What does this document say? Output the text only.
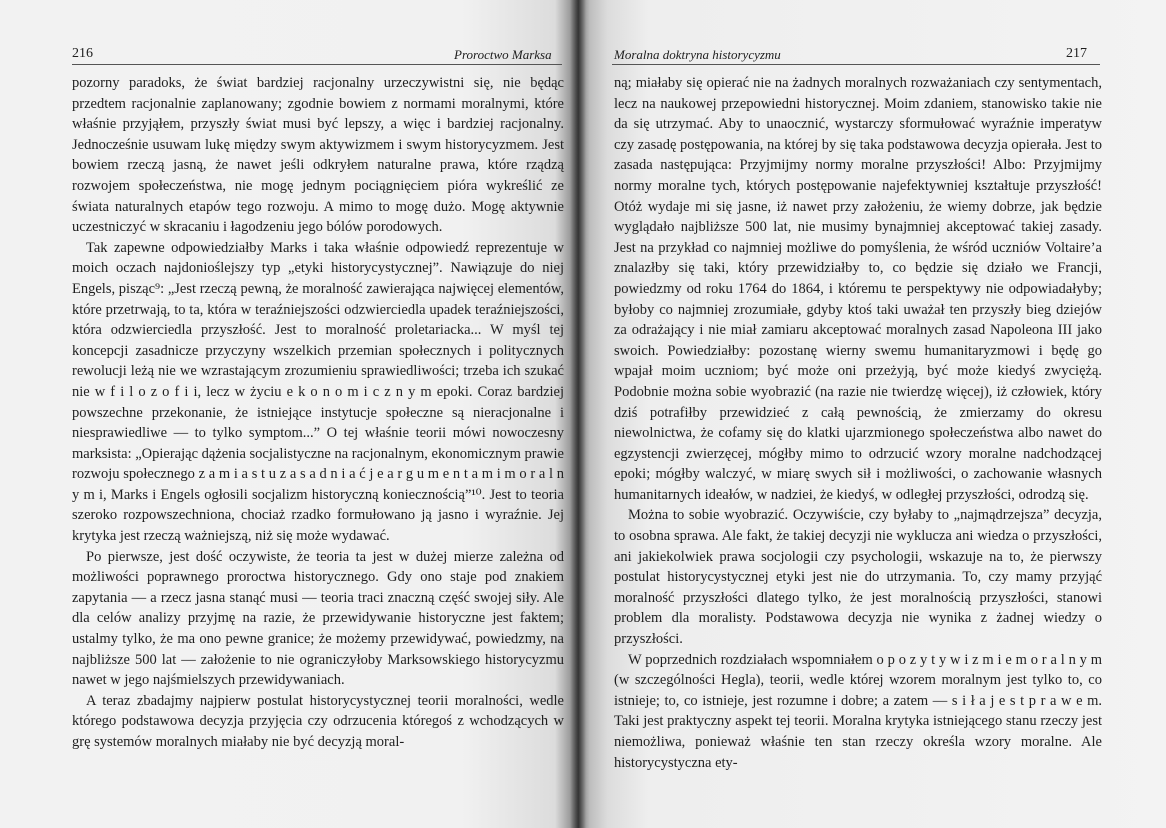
216	Proroctwo Marksa

pozorny paradoks, że świat bardziej racjonalny urzeczywistni się, nie będąc przedtem racjonalnie zaplanowany; zgodnie bowiem z normami moralnymi, które właśnie przyjąłem, przyszły świat musi być lepszy, a więc i bardziej racjonalny. Jednocześnie usuwam lukę między swym aktywizmem i swym historycyzmem. Jest bowiem rzeczą jasną, że nawet jeśli odkryłem naturalne prawa, które rządzą rozwojem społeczeństwa, nie mogę jednym pociągnięciem pióra wykreślić ze świata naturalnych etapów tego rozwoju. A mimo to mogę dużo. Mogę aktywnie uczestniczyć w skracaniu i łagodzeniu jego bólów porodowych.

Tak zapewne odpowiedziałby Marks i taka właśnie odpowiedź reprezentuje w moich oczach najdonioślejszy typ „etyki historycystycznej”. Nawiązuje do niej Engels, pisząc⁹: „Jest rzeczą pewną, że moralność zawierająca najwięcej elementów, które przetrwają, to ta, która w teraźniejszości odzwierciedla upadek teraźniejszości, która odzwierciedla przyszłość. Jest to moralność proletariacka... W myśl tej koncepcji zasadnicze przyczyny wszelkich przemian społecznych i politycznych rewolucji leżą nie we wzrastającym zrozumieniu sprawiedliwości; trzeba ich szukać nie w f i l o z o f i i, lecz w życiu e k o n o m i c z n y m epoki. Coraz bardziej powszechne przekonanie, że istniejące instytucje społeczne są nieracjonalne i niesprawiedliwe — to tylko symptom...” O tej właśnie teorii mówi nowoczesny marksista: „Opierając dążenia socjalistyczne na racjonalnym, ekonomicznym prawie rozwoju społecznego z a m i a s t u z a s a d n i a ć j e a r g u m e n t a m i m o r a l n y m i, Marks i Engels ogłosili socjalizm historyczną koniecznością”¹⁰. Jest to teoria szeroko rozpowszechniona, chociaż rzadko formułowano ją jasno i wyraźnie. Jej krytyka jest rzeczą ważniejszą, niż się może wydawać.

Po pierwsze, jest dość oczywiste, że teoria ta jest w dużej mierze zależna od możliwości poprawnego proroctwa historycznego. Gdy ono staje pod znakiem zapytania — a rzecz jasna stanąć musi — teoria traci znaczną część swojej siły. Ale dla celów analizy przyjmę na razie, że przewidywanie historyczne jest faktem; ustalmy tylko, że ma ono pewne granice; że możemy przewidywać, powiedzmy, na najbliższe 500 lat — założenie to nie ograniczyłoby Marksowskiego historycyzmu nawet w jego najśmielszych przewidywaniach.

A teraz zbadajmy najpierw postulat historycystycznej teorii moralności, wedle którego podstawowa decyzja przyjęcia czy odrzucenia któregoś z wchodzących w grę systemów moralnych miałaby nie być decyzją moral-

Moralna doktryna historycyzmu	217

ną; miałaby się opierać nie na żadnych moralnych rozważaniach czy sentymentach, lecz na naukowej przepowiedni historycznej. Moim zdaniem, stanowisko takie nie da się utrzymać. Aby to unaocznić, wystarczy sformułować wyraźnie imperatyw czy zasadę postępowania, na której by się taka podstawowa decyzja opierała. Jest to zasada następująca: Przyjmijmy normy moralne przyszłości! Albo: Przyjmijmy normy moralne tych, których postępowanie najefektywniej kształtuje przyszłość! Otóż wydaje mi się jasne, iż nawet przy założeniu, że wiemy dobrze, jak będzie wyglądało najbliższe 500 lat, nie musimy bynajmniej akceptować takiej zasady. Jest na przykład co najmniej możliwe do pomyślenia, że wśród uczniów Voltaire’a znalazłby się taki, który przewidziałby to, co będzie się działo we Francji, powiedzmy od roku 1764 do 1864, i któremu te perspektywy nie odpowiadałyby; byłoby co najmniej zrozumiałe, gdyby ktoś taki uważał ten przyszły bieg dziejów za odrażający i nie miał zamiaru akceptować moralnych zasad Napoleona III jako swoich. Powiedziałby: pozostanę wierny swemu humanitaryzmowi i będę go wpajał moim uczniom; być może oni przeżyją, być może kiedyś zwyciężą. Podobnie można sobie wyobrazić (na razie nie twierdzę więcej), iż człowiek, który dziś potrafiłby przewidzieć z całą pewnością, że zmierzamy do okresu niewolnictwa, że cofamy się do klatki ujarzmionego społeczeństwa albo nawet do egzystencji zwierzęcej, mógłby mimo to odrzucić wzory moralne nadchodzącej epoki; mógłby walczyć, w miarę swych sił i możliwości, o zachowanie własnych humanitarnych ideałów, w nadziei, że kiedyś, w odległej przyszłości, odrodzą się.

Można to sobie wyobrazić. Oczywiście, czy byłaby to „najmądrzejsza” decyzja, to osobna sprawa. Ale fakt, że takiej decyzji nie wyklucza ani wiedza o przyszłości, ani jakiekolwiek prawa socjologii czy psychologii, wskazuje na to, że pierwszy postulat historycystycznej etyki jest nie do utrzymania. To, czy mamy przyjąć moralność przyszłości dlatego tylko, że jest moralnością przyszłości, stanowi problem dla moralisty. Podstawowa decyzja nie wynika z żadnej wiedzy o przyszłości.

W poprzednich rozdziałach wspomniałem o p o z y t y w i z m i e m o r a l n y m (w szczególności Hegla), teorii, wedle której wzorem moralnym jest tylko to, co istnieje; to, co istnieje, jest rozumne i dobre; a zatem — s i ł a j e s t p r a w e m. Taki jest praktyczny aspekt tej teorii. Moralna krytyka istniejącego stanu rzeczy jest niemożliwa, ponieważ właśnie ten stan rzeczy określa wzory moralne. Ale historycystyczna ety-
